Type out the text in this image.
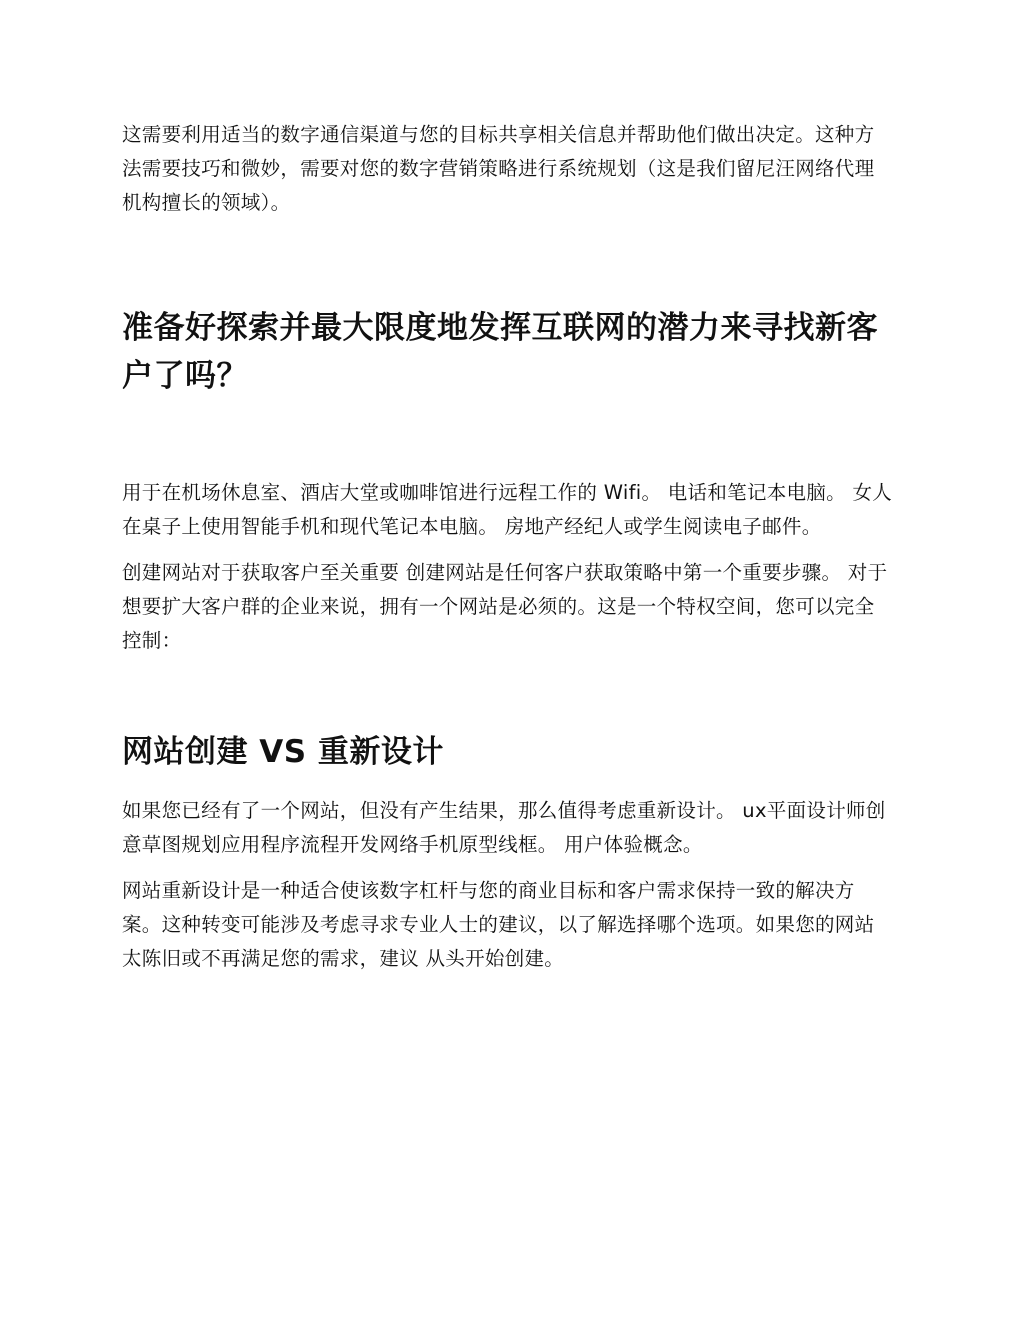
这需要利用适当的数字通信渠道与您的目标共享相关信息并帮助他们做出决定。这种方法需要技巧和微妙，需要对您的数字营销策略进行系统规划（这是我们留尼汪网络代理机构擅长的领域）。

准备好探索并最大限度地发挥互联网的潜力来寻找新客户了吗？

用于在机场休息室、酒店大堂或咖啡馆进行远程工作的 Wifi。 电话和笔记本电脑。 女人在桌子上使用智能手机和现代笔记本电脑。 房地产经纪人或学生阅读电子邮件。

创建网站对于获取客户至关重要 创建网站是任何客户获取策略中第一个重要步骤。 对于想要扩大客户群的企业来说，拥有一个网站是必须的。这是一个特权空间，您可以完全控制：

网站创建 VS 重新设计

如果您已经有了一个网站，但没有产生结果，那么值得考虑重新设计。 ux平面设计师创意草图规划应用程序流程开发网络手机原型线框。 用户体验概念。

网站重新设计是一种适合使该数字杠杆与您的商业目标和客户需求保持一致的解决方案。这种转变可能涉及考虑寻求专业人士的建议，以了解选择哪个选项。如果您的网站太陈旧或不再满足您的需求，建议 从头开始创建。
